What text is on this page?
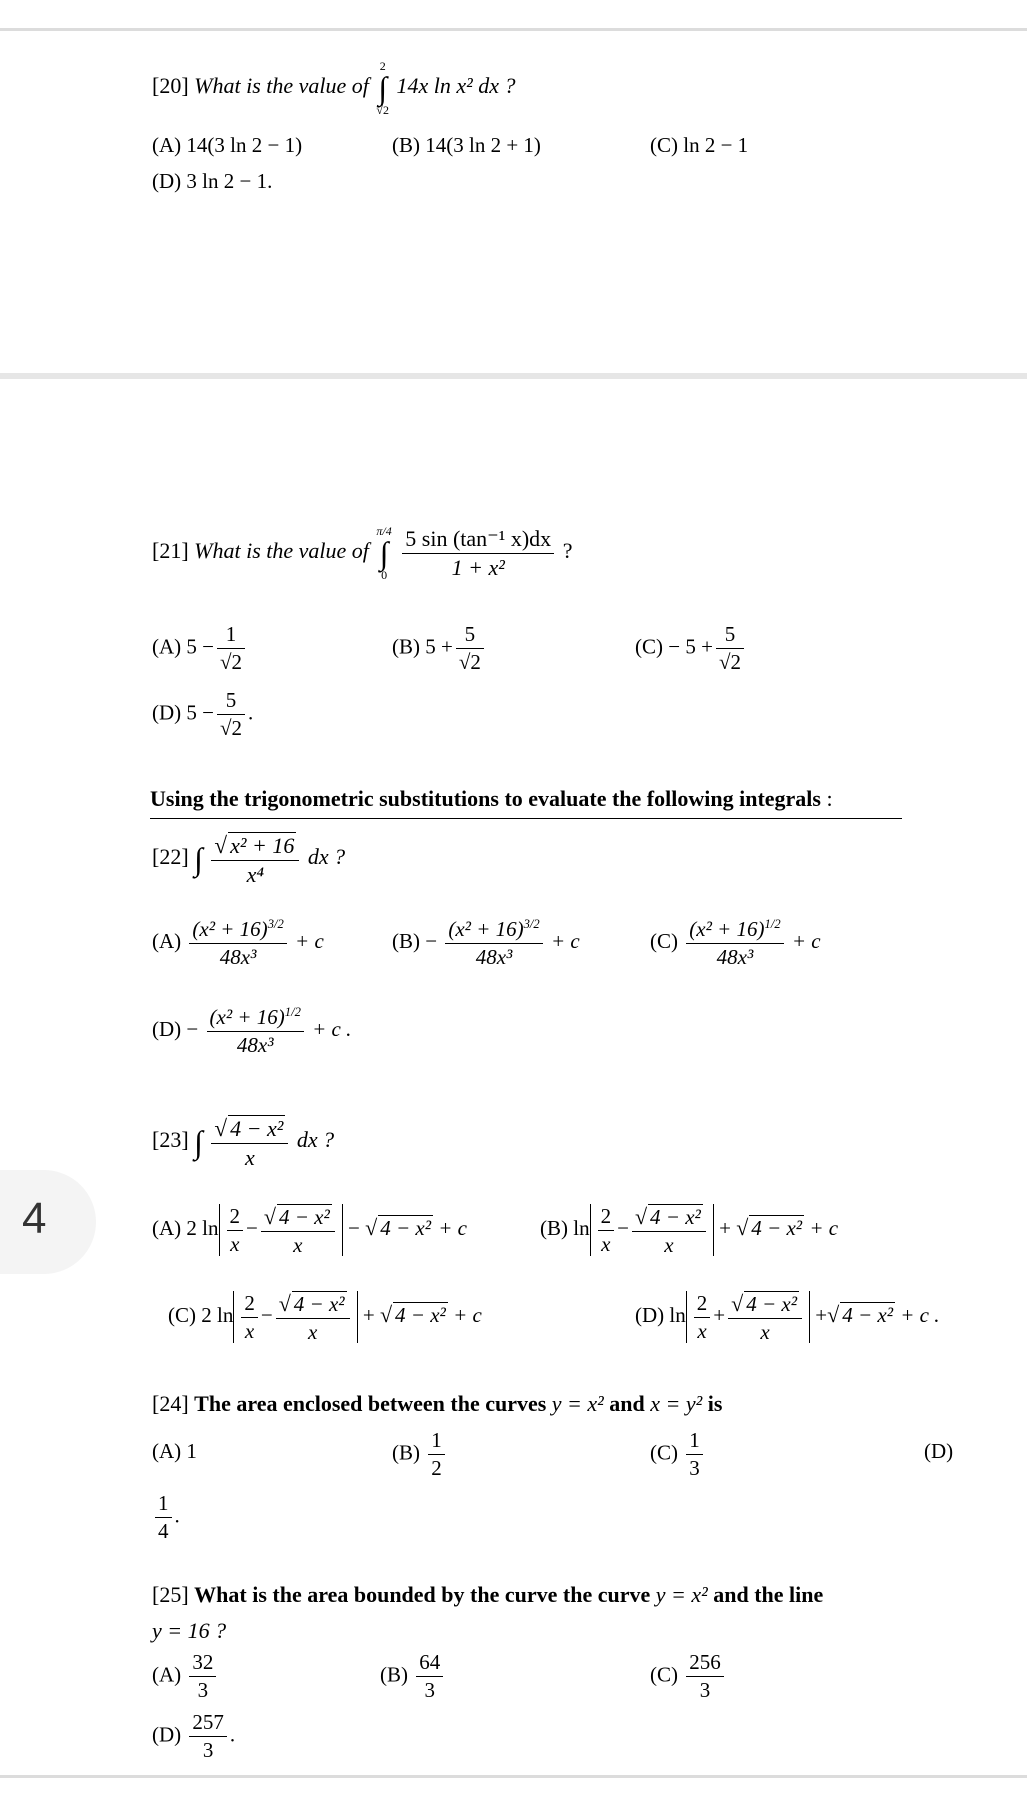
[20] What is the value of
2
∫
√2
14x ln x² dx ?
(A) 14(3 ln 2 − 1)	(B) 14(3 ln 2 + 1)	(C) ln 2 − 1
(D) 3 ln 2 − 1.
[21] What is the value of
π/4
∫
0
$\frac{\text{5 sin (tan⁻¹ x)dx}}{\text{1 + x²}}$ ?
(A) $5 - \frac{1}{√2}$	(B) $5 + \frac{5}{√2}$	$(C) - 5 + \frac{5}{√2}$
(D) $5 - \frac{5}{√2}$ .
Using the trigonometric substitutions to evaluate the following integrals :
[22] ∫ $\frac{\text{√ x² + 16}}{\text{x⁴}}$ dx ?
$(A) \frac{(x^2 + 16)^{3/2}}{\text{48x³}} + c$	$(B) - \frac{(x^2 + 16)^{3/2}}{\text{48x³}} + c$	$(C) \frac{(x^2 + 16)^{1/2}}{\text{48x³}} + c$
$(D) - \frac{(x^2 + 16)^{1/2}}{\text{48x³}} + c$ .
[23] ∫ $\frac{\text{√ 4 − x²}}{x}$ dx ?
4	(A) 2 $\ln \frac{2}{x} - \frac{\text{√ 4 − x²}}{x}$ − √ 4 − x² + c	(B) $\ln \frac{2}{x} - \frac{\text{√ 4 − x²}}{x}$ + √ 4 − x² + c
(C) 2 $\ln \frac{2}{x} - \frac{\text{√ 4 − x²}}{x}$ + √ 4 − x² + c	(D) $\ln \frac{2}{x} + \frac{\text{√ 4 − x²}}{x}$ +√ 4 − x² + c .
[24] The area enclosed between the curves y = x² and x = y² is
(A) 1	$(B) \frac{1}{2}$	$(C) \frac{1}{3}$	(D)
$\frac{1}{4}$ .
[25] What is the area bounded by the curve the curve y = x² and the line
y = 16 ?
$(A) \frac{32}{3}$	$(B) \frac{64}{3}$	$(C) \frac{256}{3}$
$(D) \frac{257}{3}$ .
